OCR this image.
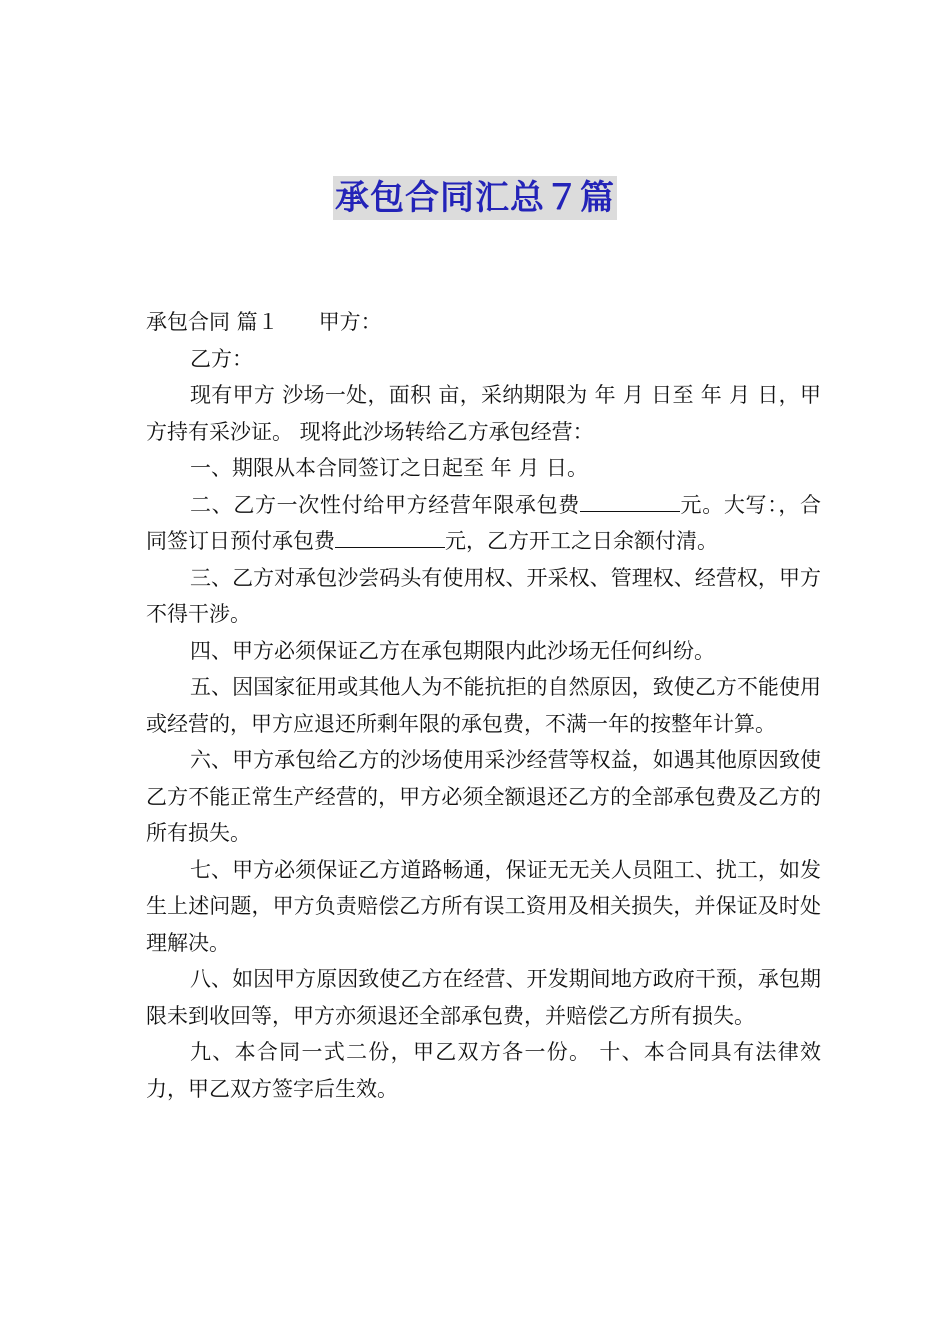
承包合同汇总７篇

承包合同 篇１ 甲方：

乙方：

现有甲方 沙场一处，面积 亩，采纳期限为 年 月 日至 年 月 日，甲方持有采沙证。 现将此沙场转给乙方承包经营：

一、期限从本合同签订之日起至 年 月 日。

二、乙方一次性付给甲方经营年限承包费	元。大写：，合同签订日预付承包费	元，乙方开工之日余额付清。

三、乙方对承包沙尝码头有使用权、开采权、管理权、经营权，甲方不得干涉。

四、甲方必须保证乙方在承包期限内此沙场无任何纠纷。

五、因国家征用或其他人为不能抗拒的自然原因，致使乙方不能使用或经营的，甲方应退还所剩年限的承包费，不满一年的按整年计算。

六、甲方承包给乙方的沙场使用采沙经营等权益，如遇其他原因致使乙方不能正常生产经营的，甲方必须全额退还乙方的全部承包费及乙方的所有损失。

七、甲方必须保证乙方道路畅通，保证无无关人员阻工、扰工，如发生上述问题，甲方负责赔偿乙方所有误工资用及相关损失，并保证及时处理解决。

八、如因甲方原因致使乙方在经营、开发期间地方政府干预，承包期限未到收回等，甲方亦须退还全部承包费，并赔偿乙方所有损失。

九、本合同一式二份，甲乙双方各一份。 十、本合同具有法律效力，甲乙双方签字后生效。
